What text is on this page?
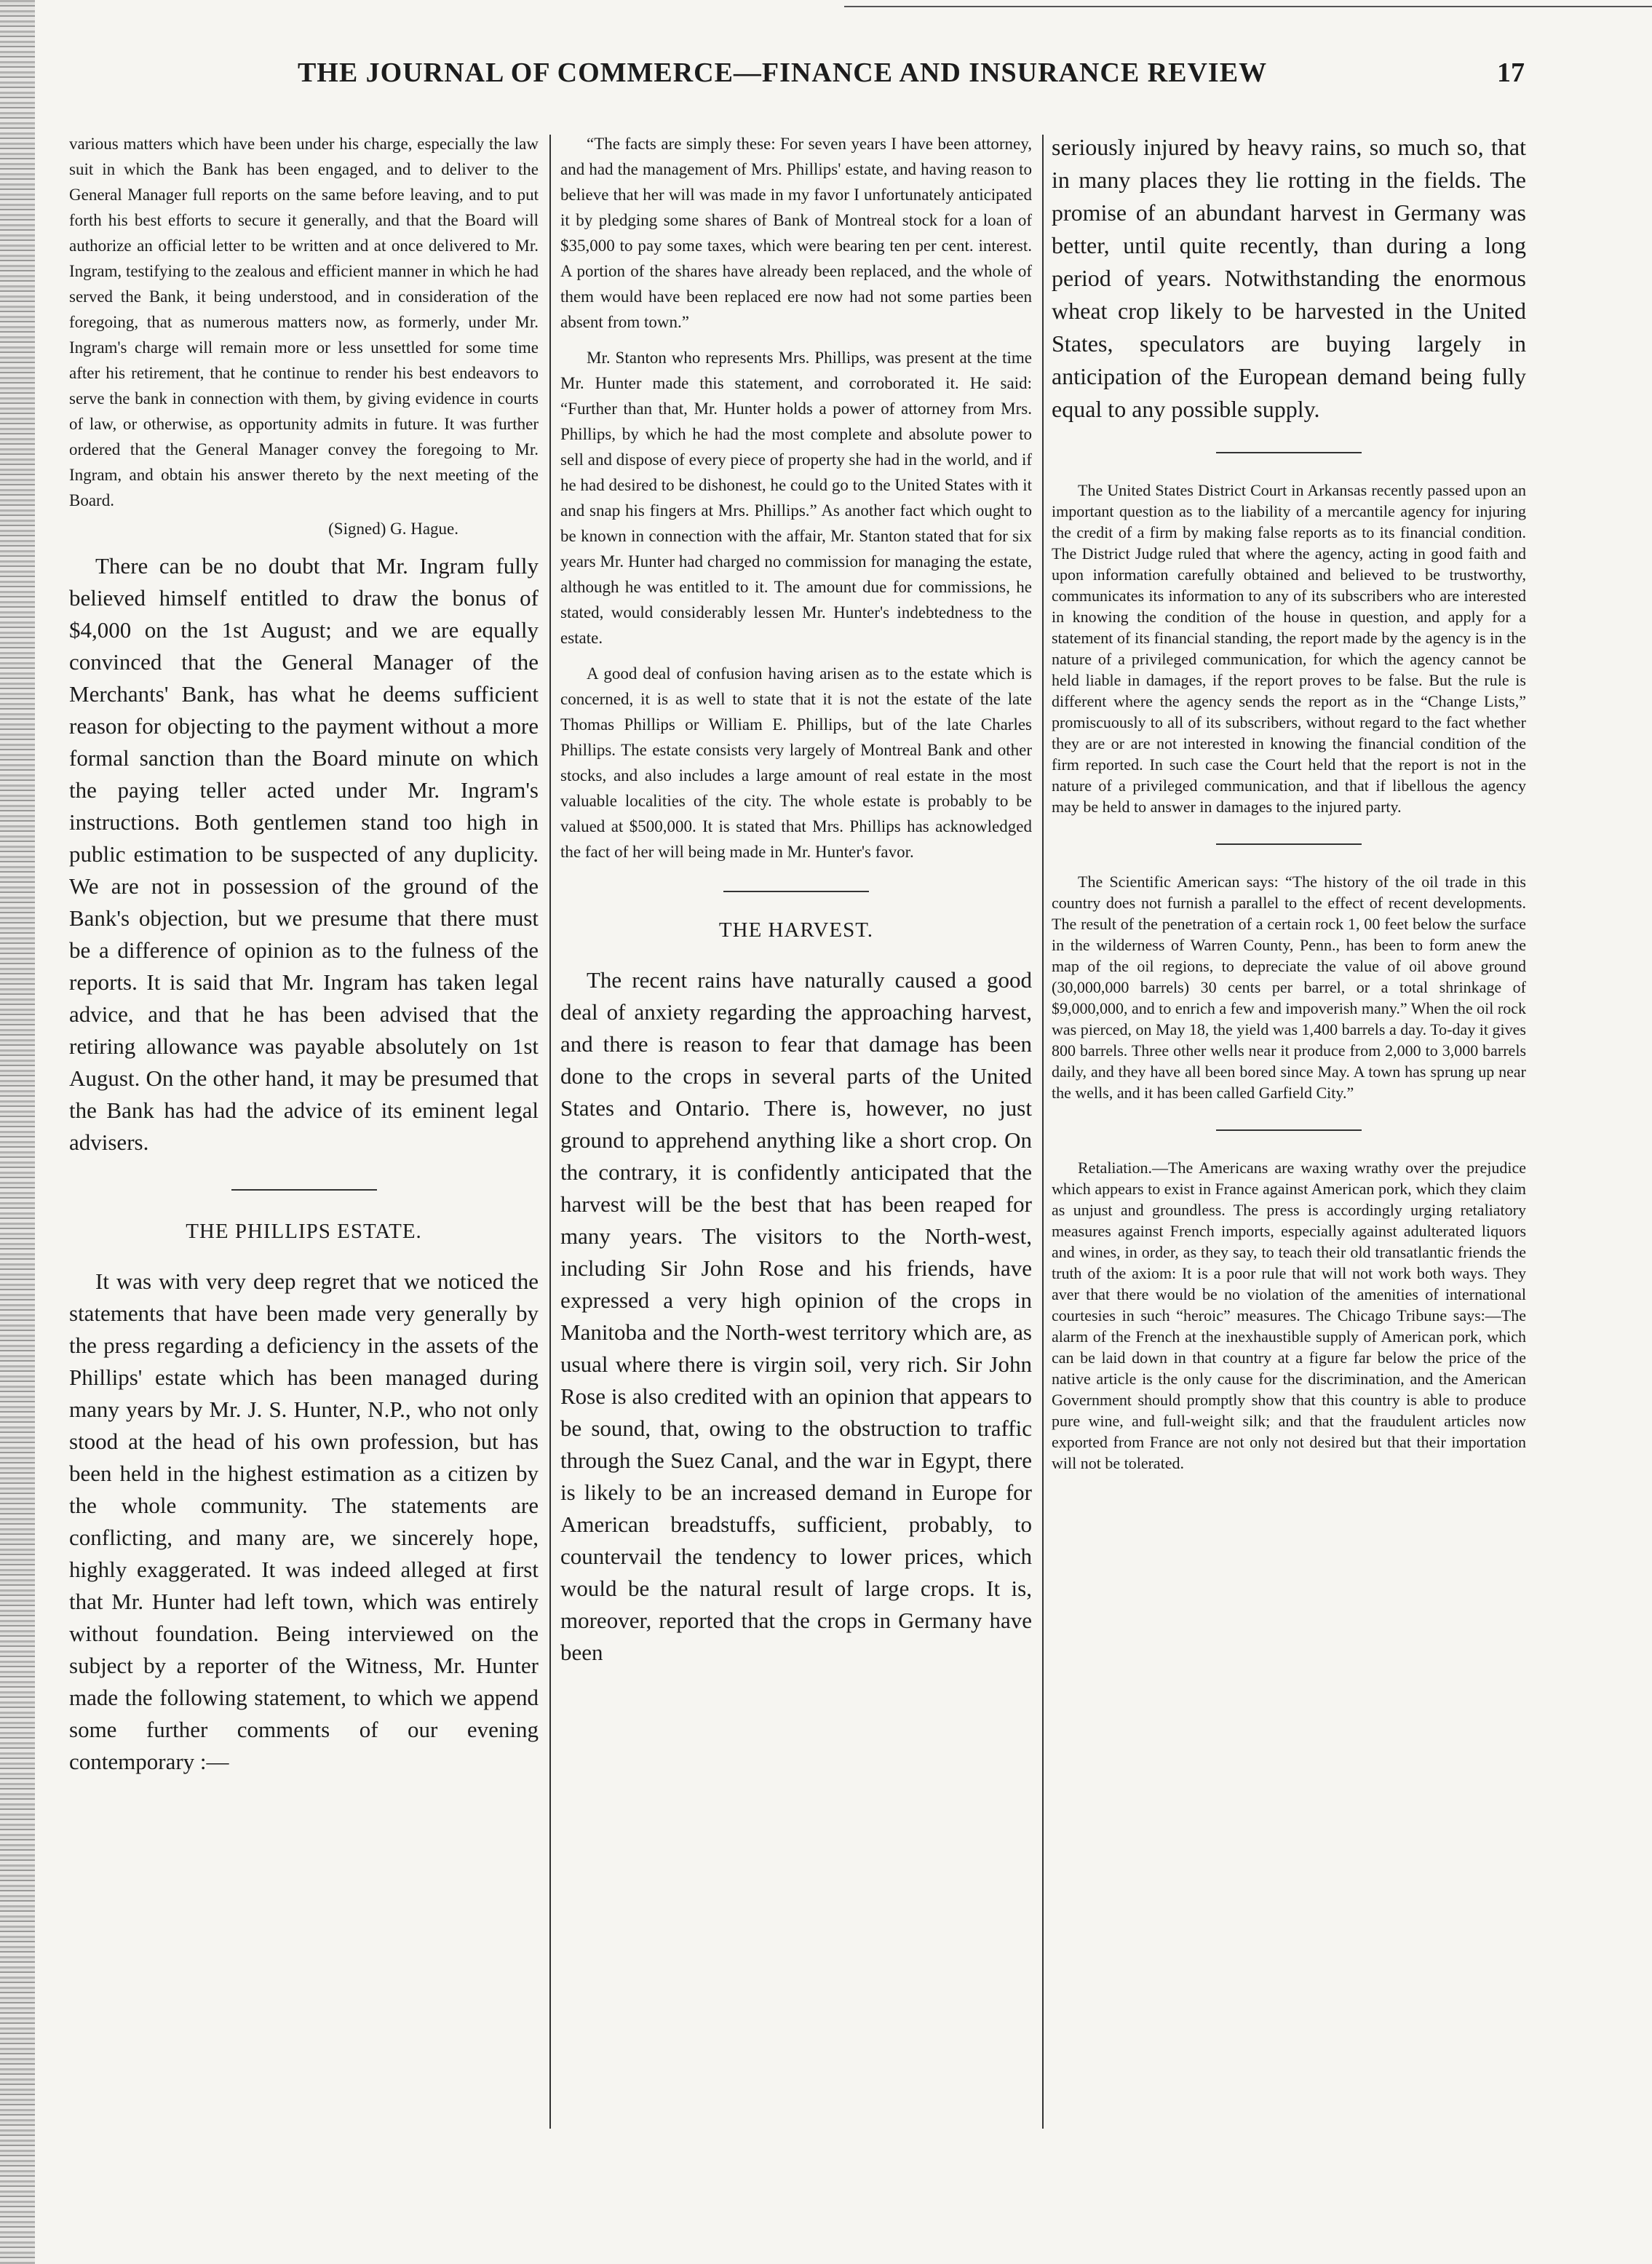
THE JOURNAL OF COMMERCE—FINANCE AND INSURANCE REVIEW	17

various matters which have been under his charge, especially the law suit in which the Bank has been engaged, and to deliver to the General Manager full reports on the same before leaving, and to put forth his best efforts to secure it generally, and that the Board will authorize an official letter to be written and at once delivered to Mr. Ingram, testifying to the zealous and efficient manner in which he had served the Bank, it being understood, and in consideration of the foregoing, that as numerous matters now, as formerly, under Mr. Ingram's charge will remain more or less unsettled for some time after his retirement, that he continue to render his best endeavors to serve the bank in connection with them, by giving evidence in courts of law, or otherwise, as opportunity admits in future. It was further ordered that the General Manager convey the foregoing to Mr. Ingram, and obtain his answer thereto by the next meeting of the Board.

(Signed) G. Hague.

There can be no doubt that Mr. Ingram fully believed himself entitled to draw the bonus of $4,000 on the 1st August; and we are equally convinced that the General Manager of the Merchants' Bank, has what he deems sufficient reason for objecting to the payment without a more formal sanction than the Board minute on which the paying teller acted under Mr. Ingram's instructions. Both gentlemen stand too high in public estimation to be suspected of any duplicity. We are not in possession of the ground of the Bank's objection, but we presume that there must be a difference of opinion as to the fulness of the reports. It is said that Mr. Ingram has taken legal advice, and that he has been advised that the retiring allowance was payable absolutely on 1st August. On the other hand, it may be presumed that the Bank has had the advice of its eminent legal advisers.

THE PHILLIPS ESTATE.

It was with very deep regret that we noticed the statements that have been made very generally by the press regarding a deficiency in the assets of the Phillips' estate which has been managed during many years by Mr. J. S. Hunter, N.P., who not only stood at the head of his own profession, but has been held in the highest estimation as a citizen by the whole community. The statements are conflicting, and many are, we sincerely hope, highly exaggerated. It was indeed alleged at first that Mr. Hunter had left town, which was entirely without foundation. Being interviewed on the subject by a reporter of the Witness, Mr. Hunter made the following statement, to which we append some further comments of our evening contemporary :—

“The facts are simply these: For seven years I have been attorney, and had the management of Mrs. Phillips' estate, and having reason to believe that her will was made in my favor I unfortunately anticipated it by pledging some shares of Bank of Montreal stock for a loan of $35,000 to pay some taxes, which were bearing ten per cent. interest. A portion of the shares have already been replaced, and the whole of them would have been replaced ere now had not some parties been absent from town.”

Mr. Stanton who represents Mrs. Phillips, was present at the time Mr. Hunter made this statement, and corroborated it. He said: “Further than that, Mr. Hunter holds a power of attorney from Mrs. Phillips, by which he had the most complete and absolute power to sell and dispose of every piece of property she had in the world, and if he had desired to be dishonest, he could go to the United States with it and snap his fingers at Mrs. Phillips.” As another fact which ought to be known in connection with the affair, Mr. Stanton stated that for six years Mr. Hunter had charged no commission for managing the estate, although he was entitled to it. The amount due for commissions, he stated, would considerably lessen Mr. Hunter's indebtedness to the estate.

A good deal of confusion having arisen as to the estate which is concerned, it is as well to state that it is not the estate of the late Thomas Phillips or William E. Phillips, but of the late Charles Phillips. The estate consists very largely of Montreal Bank and other stocks, and also includes a large amount of real estate in the most valuable localities of the city. The whole estate is probably to be valued at $500,000. It is stated that Mrs. Phillips has acknowledged the fact of her will being made in Mr. Hunter's favor.

THE HARVEST.

The recent rains have naturally caused a good deal of anxiety regarding the approaching harvest, and there is reason to fear that damage has been done to the crops in several parts of the United States and Ontario. There is, however, no just ground to apprehend anything like a short crop. On the contrary, it is confidently anticipated that the harvest will be the best that has been reaped for many years. The visitors to the North-west, including Sir John Rose and his friends, have expressed a very high opinion of the crops in Manitoba and the North-west territory which are, as usual where there is virgin soil, very rich. Sir John Rose is also credited with an opinion that appears to be sound, that, owing to the obstruction to traffic through the Suez Canal, and the war in Egypt, there is likely to be an increased demand in Europe for American breadstuffs, sufficient, probably, to countervail the tendency to lower prices, which would be the natural result of large crops. It is, moreover, reported that the crops in Germany have been

seriously injured by heavy rains, so much so, that in many places they lie rotting in the fields. The promise of an abundant harvest in Germany was better, until quite recently, than during a long period of years. Notwithstanding the enormous wheat crop likely to be harvested in the United States, speculators are buying largely in anticipation of the European demand being fully equal to any possible supply.

The United States District Court in Arkansas recently passed upon an important question as to the liability of a mercantile agency for injuring the credit of a firm by making false reports as to its financial condition. The District Judge ruled that where the agency, acting in good faith and upon information carefully obtained and believed to be trustworthy, communicates its information to any of its subscribers who are interested in knowing the condition of the house in question, and apply for a statement of its financial standing, the report made by the agency is in the nature of a privileged communication, for which the agency cannot be held liable in damages, if the report proves to be false. But the rule is different where the agency sends the report as in the “Change Lists,” promiscuously to all of its subscribers, without regard to the fact whether they are or are not interested in knowing the financial condition of the firm reported. In such case the Court held that the report is not in the nature of a privileged communication, and that if libellous the agency may be held to answer in damages to the injured party.

The Scientific American says: “The history of the oil trade in this country does not furnish a parallel to the effect of recent developments. The result of the penetration of a certain rock 1, 00 feet below the surface in the wilderness of Warren County, Penn., has been to form anew the map of the oil regions, to depreciate the value of oil above ground (30,000,000 barrels) 30 cents per barrel, or a total shrinkage of $9,000,000, and to enrich a few and impoverish many.” When the oil rock was pierced, on May 18, the yield was 1,400 barrels a day. To-day it gives 800 barrels. Three other wells near it produce from 2,000 to 3,000 barrels daily, and they have all been bored since May. A town has sprung up near the wells, and it has been called Garfield City.”

Retaliation.—The Americans are waxing wrathy over the prejudice which appears to exist in France against American pork, which they claim as unjust and groundless. The press is accordingly urging retaliatory measures against French imports, especially against adulterated liquors and wines, in order, as they say, to teach their old transatlantic friends the truth of the axiom: It is a poor rule that will not work both ways. They aver that there would be no violation of the amenities of international courtesies in such “heroic” measures. The Chicago Tribune says:—The alarm of the French at the inexhaustible supply of American pork, which can be laid down in that country at a figure far below the price of the native article is the only cause for the discrimination, and the American Government should promptly show that this country is able to produce pure wine, and full-weight silk; and that the fraudulent articles now exported from France are not only not desired but that their importation will not be tolerated.
